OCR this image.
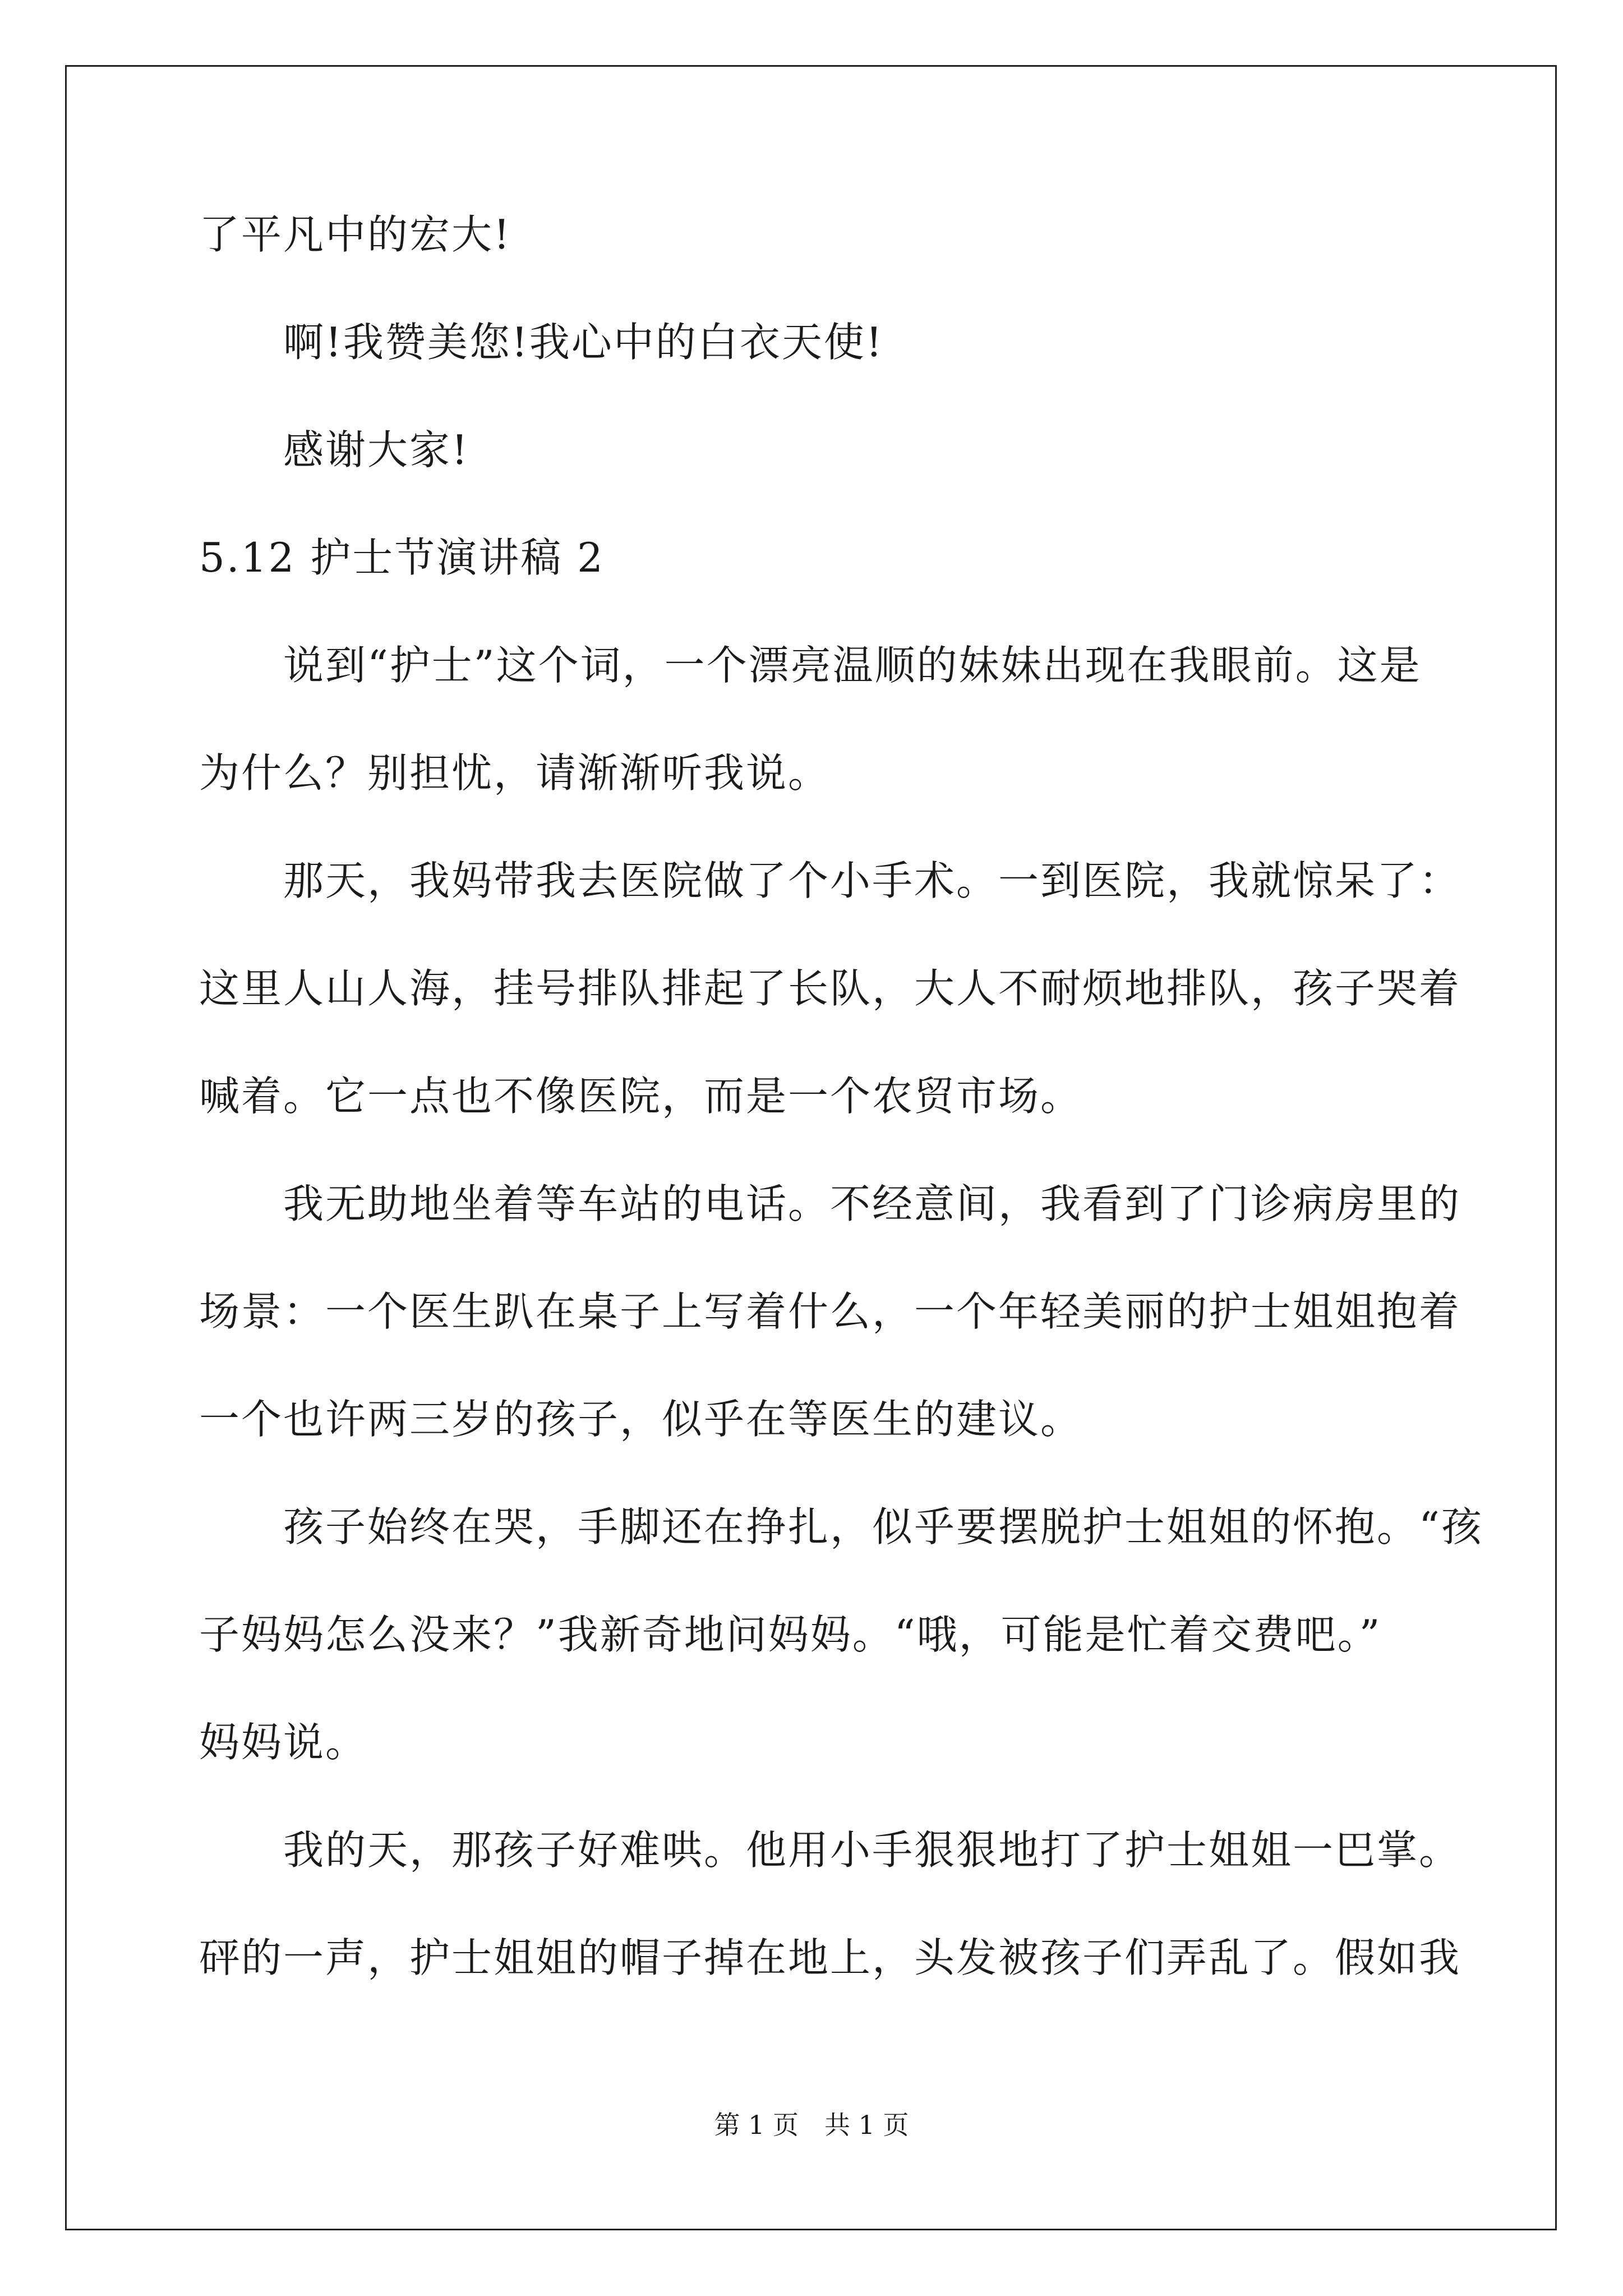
了平凡中的宏大!
啊!我赞美您!我心中的白衣天使!
感谢大家!
5.12 护士节演讲稿 2
说到“护士”这个词，一个漂亮温顺的妹妹出现在我眼前。这是
为什么？别担忧，请渐渐听我说。
那天，我妈带我去医院做了个小手术。一到医院，我就惊呆了：
这里人山人海，挂号排队排起了长队，大人不耐烦地排队，孩子哭着
喊着。它一点也不像医院，而是一个农贸市场。
我无助地坐着等车站的电话。不经意间，我看到了门诊病房里的
场景：一个医生趴在桌子上写着什么，一个年轻美丽的护士姐姐抱着
一个也许两三岁的孩子，似乎在等医生的建议。
孩子始终在哭，手脚还在挣扎，似乎要摆脱护士姐姐的怀抱。“孩
子妈妈怎么没来？”我新奇地问妈妈。“哦，可能是忙着交费吧。”
妈妈说。
我的天，那孩子好难哄。他用小手狠狠地打了护士姐姐一巴掌。
砰的一声，护士姐姐的帽子掉在地上，头发被孩子们弄乱了。假如我
第 1 页 共 1 页
